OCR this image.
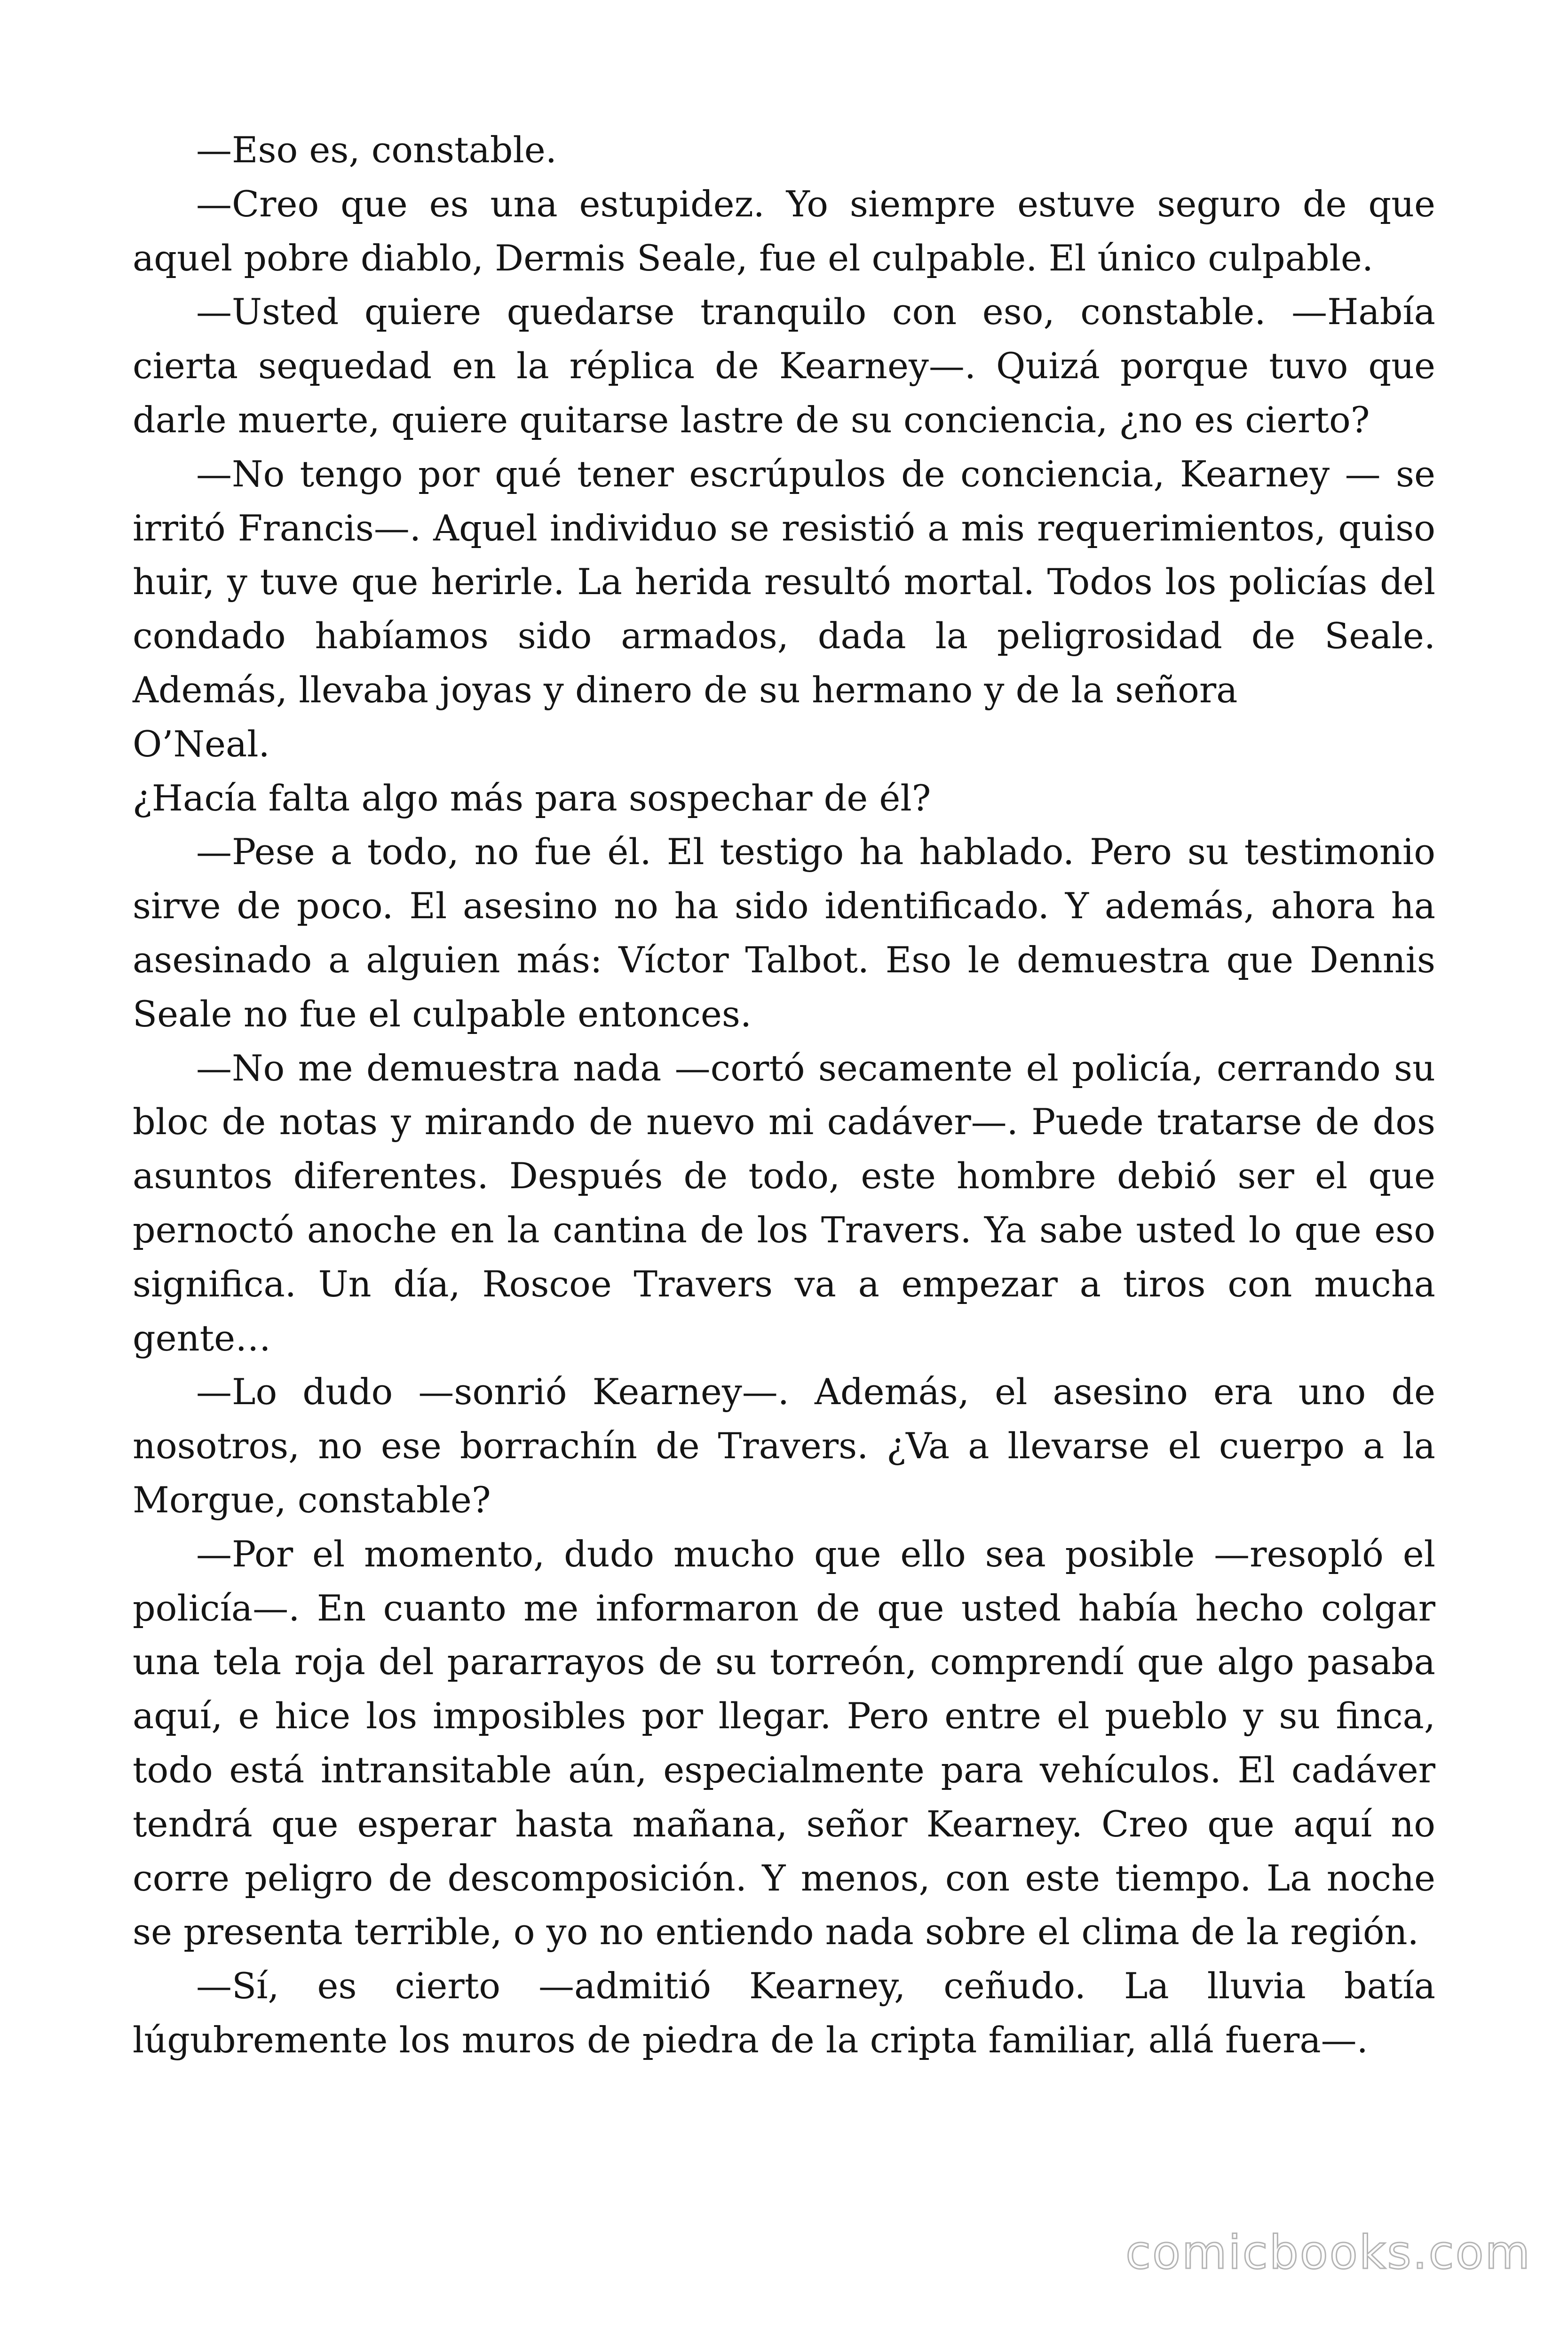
—Eso es, constable.

—Creo que es una estupidez. Yo siempre estuve seguro de que aquel pobre diablo, Dermis Seale, fue el culpable. El único culpable.

—Usted quiere quedarse tranquilo con eso, constable. —Había cierta sequedad en la réplica de Kearney—. Quizá porque tuvo que darle muerte, quiere quitarse lastre de su conciencia, ¿no es cierto?

—No tengo por qué tener escrúpulos de conciencia, Kearney — se irritó Francis—. Aquel individuo se resistió a mis requerimientos, quiso huir, y tuve que herirle. La herida resultó mortal. Todos los policías del condado habíamos sido armados, dada la peligrosidad de Seale. Además, llevaba joyas y dinero de su hermano y de la señora

O’Neal.

¿Hacía falta algo más para sospechar de él?

—Pese a todo, no fue él. El testigo ha hablado. Pero su testimonio sirve de poco. El asesino no ha sido identificado. Y además, ahora ha asesinado a alguien más: Víctor Talbot. Eso le demuestra que Dennis Seale no fue el culpable entonces.

—No me demuestra nada —cortó secamente el policía, cerrando su bloc de notas y mirando de nuevo mi cadáver—. Puede tratarse de dos asuntos diferentes. Después de todo, este hombre debió ser el que pernoctó anoche en la cantina de los Travers. Ya sabe usted lo que eso significa. Un día, Roscoe Travers va a empezar a tiros con mucha gente…

—Lo dudo —sonrió Kearney—. Además, el asesino era uno de nosotros, no ese borrachín de Travers. ¿Va a llevarse el cuerpo a la Morgue, constable?

—Por el momento, dudo mucho que ello sea posible —resopló el policía—. En cuanto me informaron de que usted había hecho colgar una tela roja del pararrayos de su torreón, comprendí que algo pasaba aquí, e hice los imposibles por llegar. Pero entre el pueblo y su finca, todo está intransitable aún, especialmente para vehículos. El cadáver tendrá que esperar hasta mañana, señor Kearney. Creo que aquí no corre peligro de descomposición. Y menos, con este tiempo. La noche se presenta terrible, o yo no entiendo nada sobre el clima de la región.

—Sí, es cierto —admitió Kearney, ceñudo. La lluvia batía lúgubremente los muros de piedra de la cripta familiar, allá fuera—.

comicbooks.com
